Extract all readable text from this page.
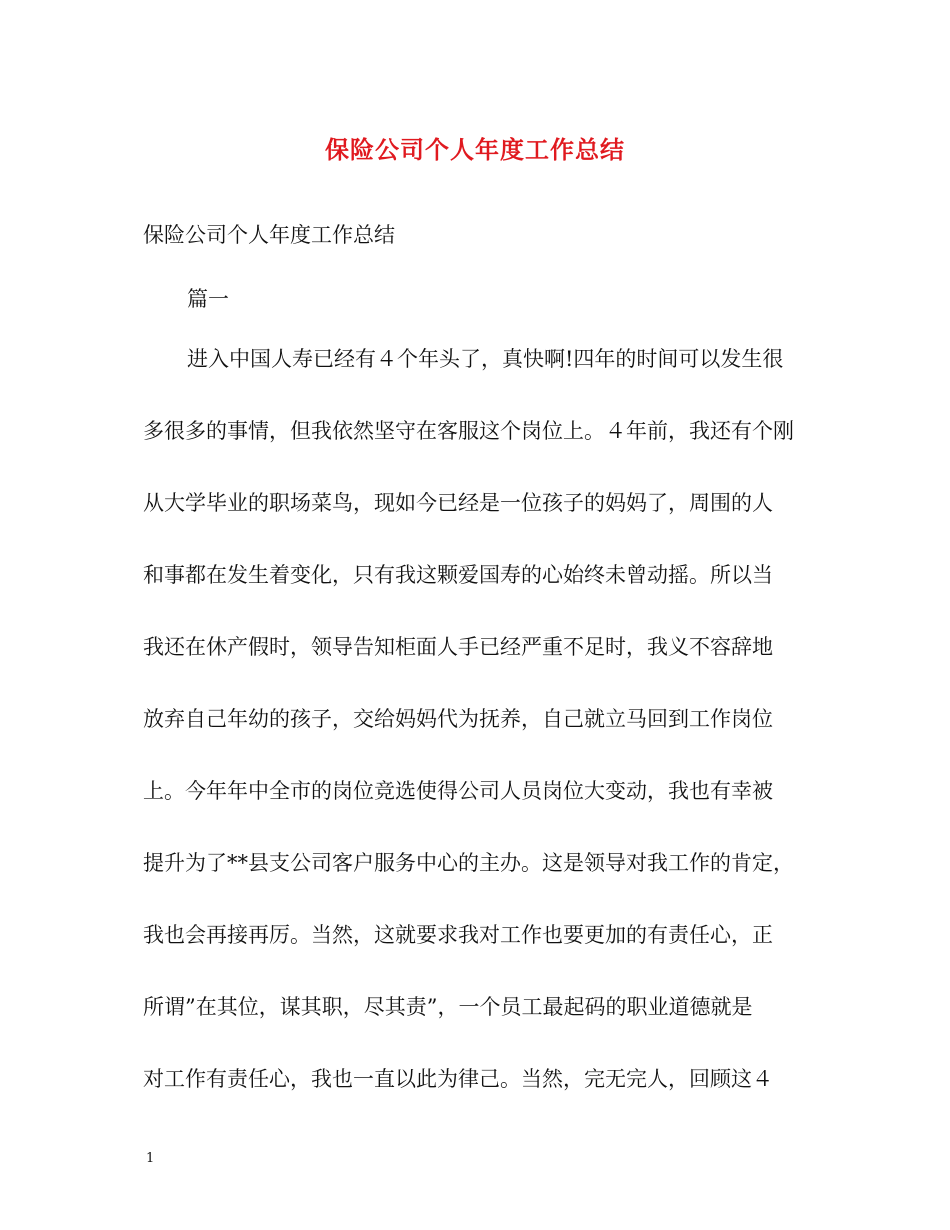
保险公司个人年度工作总结
保险公司个人年度工作总结
篇一
进入中国人寿已经有４个年头了，真快啊!四年的时间可以发生很
多很多的事情，但我依然坚守在客服这个岗位上。４年前，我还有个刚
从大学毕业的职场菜鸟，现如今已经是一位孩子的妈妈了，周围的人
和事都在发生着变化，只有我这颗爱国寿的心始终未曾动摇。所以当
我还在休产假时，领导告知柜面人手已经严重不足时，我义不容辞地
放弃自己年幼的孩子，交给妈妈代为抚养，自己就立马回到工作岗位
上。今年年中全市的岗位竞选使得公司人员岗位大变动，我也有幸被
提升为了**县支公司客户服务中心的主办。这是领导对我工作的肯定，
我也会再接再厉。当然，这就要求我对工作也要更加的有责任心，正
所谓”在其位，谋其职，尽其责”，一个员工最起码的职业道德就是
对工作有责任心，我也一直以此为律己。当然，完无完人，回顾这４
1
